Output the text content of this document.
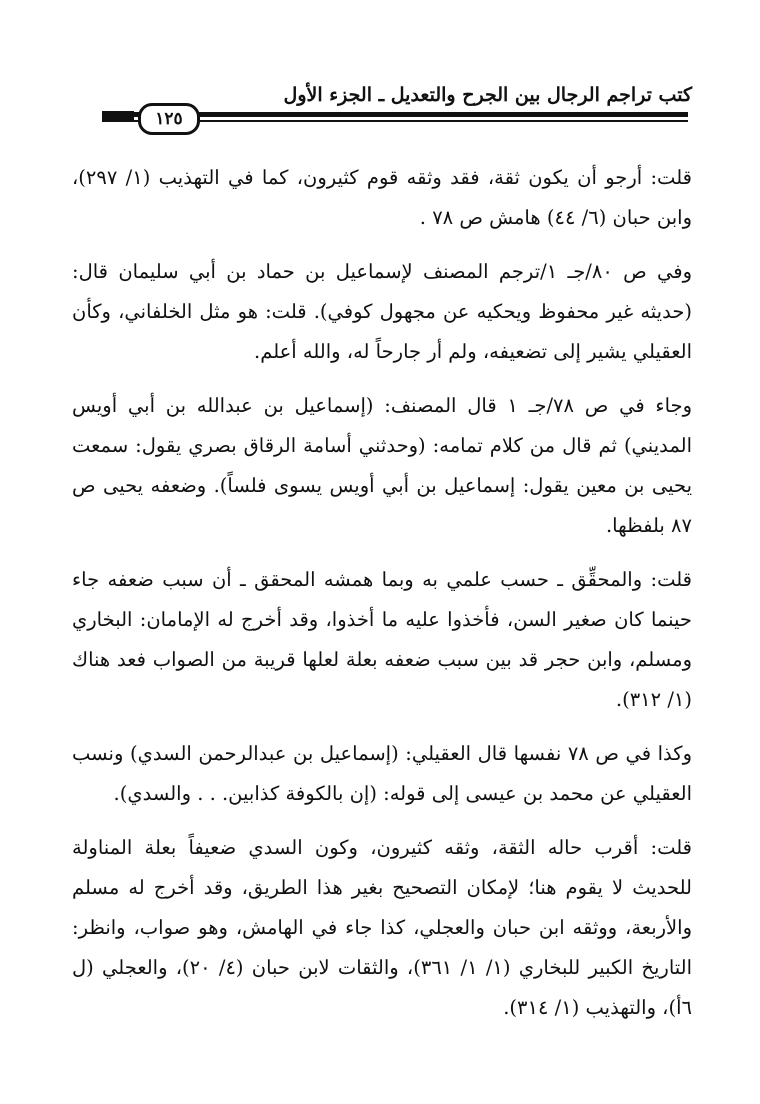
كتب تراجم الرجال بين الجرح والتعديل ـ الجزء الأول
١٢٥

قلت: أرجو أن يكون ثقة، فقد وثقه قوم كثيرون، كما في التهذيب (١/ ٢٩٧)، وابن حبان (٦/ ٤٤) هامش ص ٧٨ .

وفي ص ٨٠/جـ ١/ترجم المصنف لإسماعيل بن حماد بن أبي سليمان قال: (حديثه غير محفوظ ويحكيه عن مجهول كوفي). قلت: هو مثل الخلفاني، وكأن العقيلي يشير إلى تضعيفه، ولم أر جارحاً له، والله أعلم.

وجاء في ص ٧٨/جـ ١ قال المصنف: (إسماعيل بن عبدالله بن أبي أويس المديني) ثم قال من كلام تمامه: (وحدثني أسامة الرقاق بصري يقول: سمعت يحيى بن معين يقول: إسماعيل بن أبي أويس يسوى فلساً). وضعفه يحيى ص ٨٧ بلفظها.

قلت: والمحقِّق ـ حسب علمي به وبما همشه المحقق ـ أن سبب ضعفه جاء حينما كان صغير السن، فأخذوا عليه ما أخذوا، وقد أخرج له الإمامان: البخاري ومسلم، وابن حجر قد بين سبب ضعفه بعلة لعلها قريبة من الصواب فعد هناك (١/ ٣١٢).

وكذا في ص ٧٨ نفسها قال العقيلي: (إسماعيل بن عبدالرحمن السدي) ونسب العقيلي عن محمد بن عيسى إلى قوله: (إن بالكوفة كذابين. . . والسدي).

قلت: أقرب حاله الثقة، وثقه كثيرون، وكون السدي ضعيفاً بعلة المناولة للحديث لا يقوم هنا؛ لإمكان التصحيح بغير هذا الطريق، وقد أخرج له مسلم والأربعة، ووثقه ابن حبان والعجلي، كذا جاء في الهامش، وهو صواب، وانظر: التاريخ الكبير للبخاري (١/ ١/ ٣٦١)، والثقات لابن حبان (٤/ ٢٠)، والعجلي (ل ٦أ)، والتهذيب (١/ ٣١٤).
